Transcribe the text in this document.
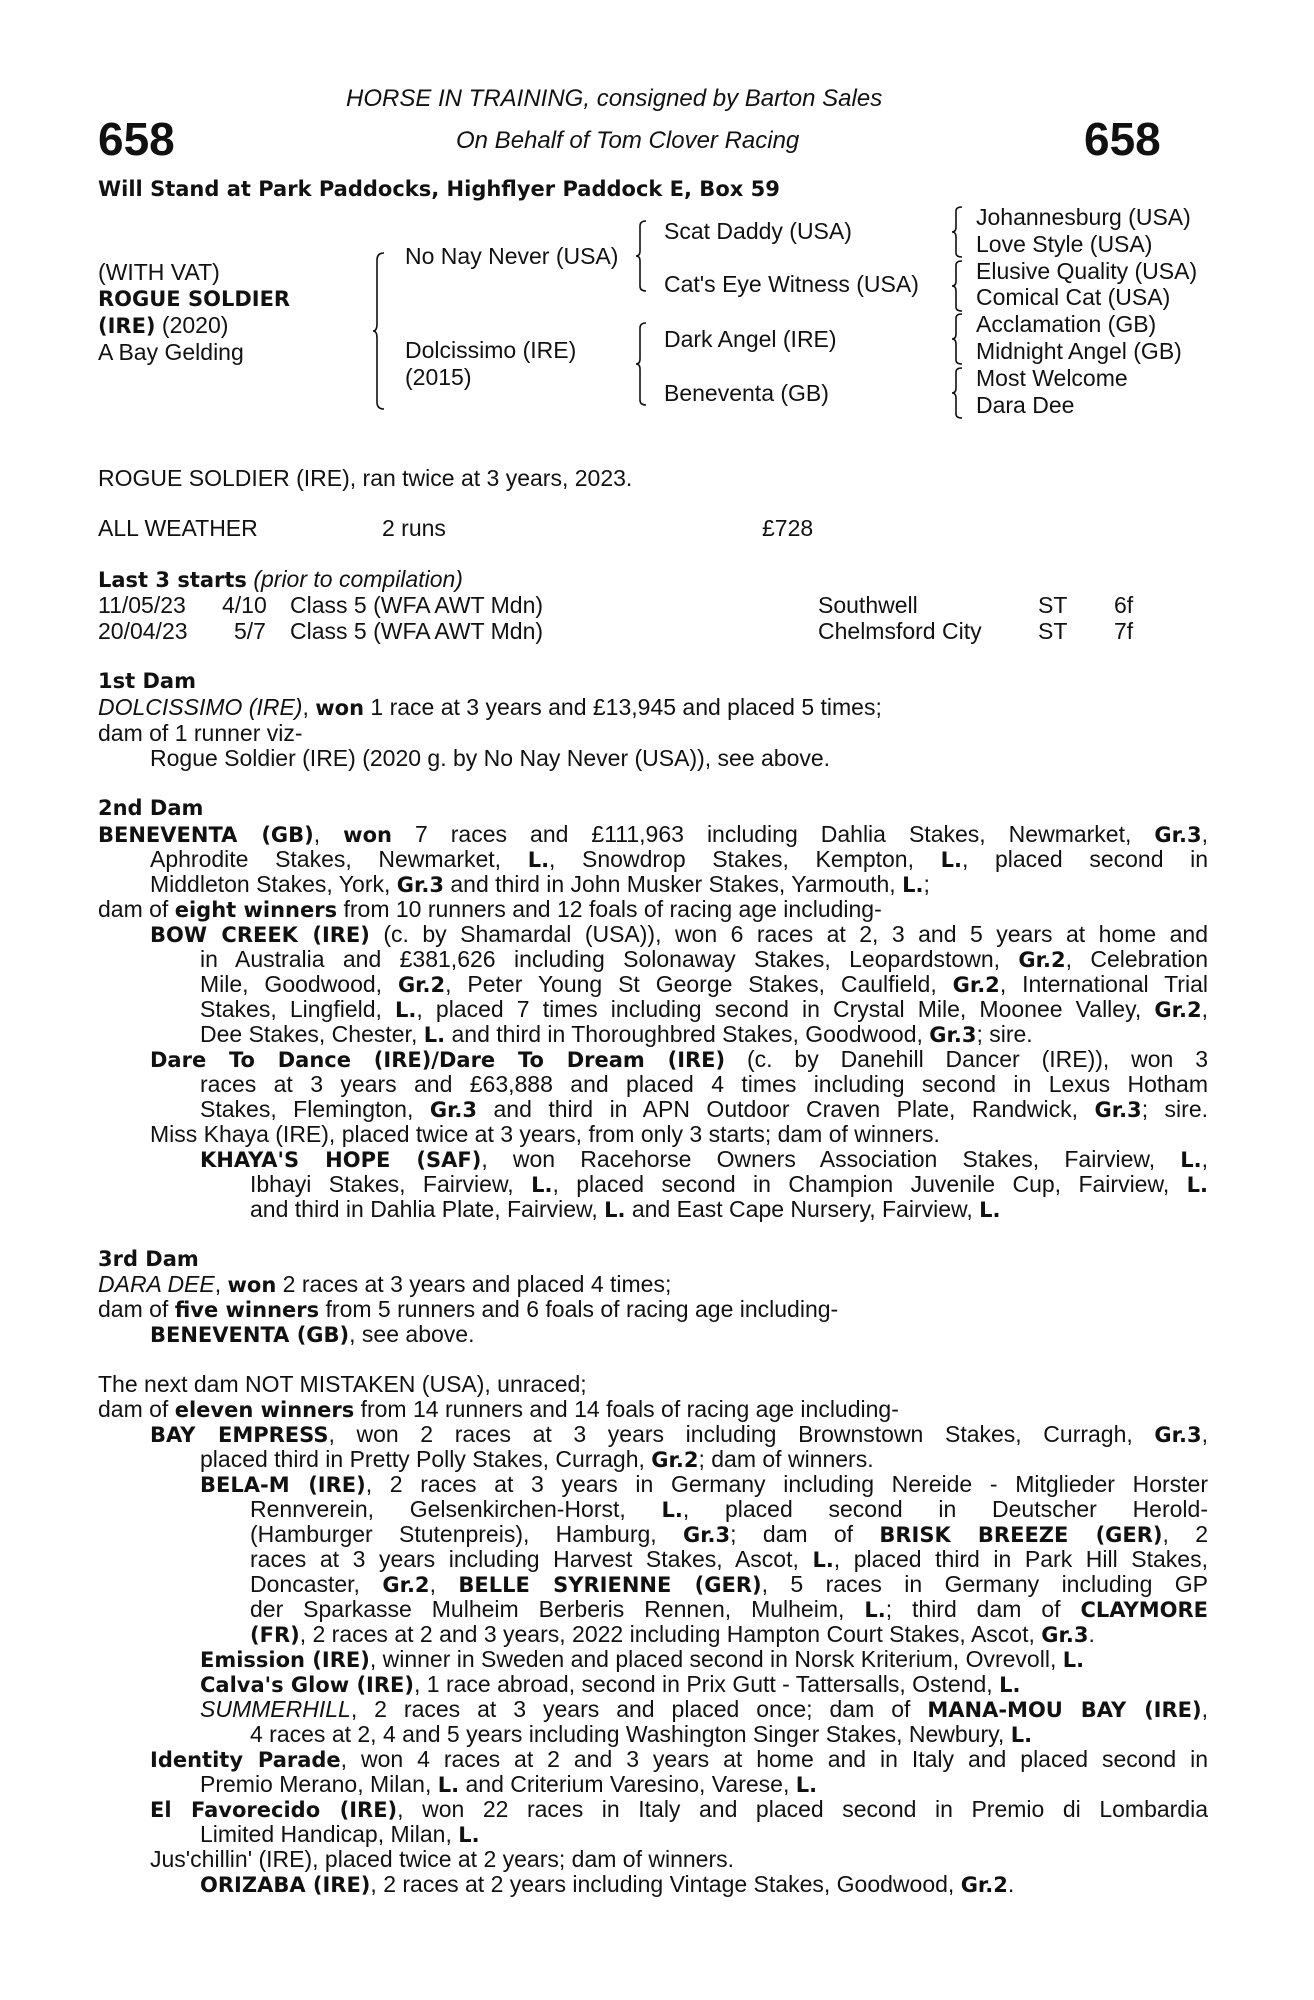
658	658
HORSE IN TRAINING, consigned by Barton Sales
On Behalf of Tom Clover Racing
Will Stand at Park Paddocks, Highflyer Paddock E, Box 59
(WITH VAT)
ROGUE SOLDIER
(IRE) (2020)
A Bay Gelding
No Nay Never (USA)
Dolcissimo (IRE)
(2015)
Scat Daddy (USA)
Cat's Eye Witness (USA)
Dark Angel (IRE)
Beneventa (GB)
Johannesburg (USA)
Love Style (USA)
Elusive Quality (USA)
Comical Cat (USA)
Acclamation (GB)
Midnight Angel (GB)
Most Welcome
Dara Dee
ROGUE SOLDIER (IRE), ran twice at 3 years, 2023.
ALL WEATHER	2 runs	£728
Last 3 starts (prior to compilation)
11/05/23 4/10 Class 5 (WFA AWT Mdn)	Southwell	ST 6f
20/04/23 5/7 Class 5 (WFA AWT Mdn)	Chelmsford City ST 7f
1st Dam
DOLCISSIMO (IRE), won 1 race at 3 years and £13,945 and placed 5 times;
dam of 1 runner viz-
Rogue Soldier (IRE) (2020 g. by No Nay Never (USA)), see above.
2nd Dam
BENEVENTA (GB), won 7 races and £111,963 including Dahlia Stakes, Newmarket, Gr.3,
Aphrodite Stakes, Newmarket, L., Snowdrop Stakes, Kempton, L., placed second in
Middleton Stakes, York, Gr.3 and third in John Musker Stakes, Yarmouth, L.;
dam of eight winners from 10 runners and 12 foals of racing age including-
BOW CREEK (IRE) (c. by Shamardal (USA)), won 6 races at 2, 3 and 5 years at home and
in Australia and £381,626 including Solonaway Stakes, Leopardstown, Gr.2, Celebration
Mile, Goodwood, Gr.2, Peter Young St George Stakes, Caulfield, Gr.2, International Trial
Stakes, Lingfield, L., placed 7 times including second in Crystal Mile, Moonee Valley, Gr.2,
Dee Stakes, Chester, L. and third in Thoroughbred Stakes, Goodwood, Gr.3; sire.
Dare To Dance (IRE)/Dare To Dream (IRE) (c. by Danehill Dancer (IRE)), won 3
races at 3 years and £63,888 and placed 4 times including second in Lexus Hotham
Stakes, Flemington, Gr.3 and third in APN Outdoor Craven Plate, Randwick, Gr.3; sire.
Miss Khaya (IRE), placed twice at 3 years, from only 3 starts; dam of winners.
KHAYA'S HOPE (SAF), won Racehorse Owners Association Stakes, Fairview, L.,
Ibhayi Stakes, Fairview, L., placed second in Champion Juvenile Cup, Fairview, L.
and third in Dahlia Plate, Fairview, L. and East Cape Nursery, Fairview, L.
3rd Dam
DARA DEE, won 2 races at 3 years and placed 4 times;
dam of five winners from 5 runners and 6 foals of racing age including-
BENEVENTA (GB), see above.
The next dam NOT MISTAKEN (USA), unraced;
dam of eleven winners from 14 runners and 14 foals of racing age including-
BAY EMPRESS, won 2 races at 3 years including Brownstown Stakes, Curragh, Gr.3,
placed third in Pretty Polly Stakes, Curragh, Gr.2; dam of winners.
BELA-M (IRE), 2 races at 3 years in Germany including Nereide - Mitglieder Horster
Rennverein, Gelsenkirchen-Horst, L., placed second in Deutscher Herold-
(Hamburger Stutenpreis), Hamburg, Gr.3; dam of BRISK BREEZE (GER), 2
races at 3 years including Harvest Stakes, Ascot, L., placed third in Park Hill Stakes,
Doncaster, Gr.2, BELLE SYRIENNE (GER), 5 races in Germany including GP
der Sparkasse Mulheim Berberis Rennen, Mulheim, L.; third dam of CLAYMORE
(FR), 2 races at 2 and 3 years, 2022 including Hampton Court Stakes, Ascot, Gr.3.
Emission (IRE), winner in Sweden and placed second in Norsk Kriterium, Ovrevoll, L.
Calva's Glow (IRE), 1 race abroad, second in Prix Gutt - Tattersalls, Ostend, L.
SUMMERHILL, 2 races at 3 years and placed once; dam of MANA-MOU BAY (IRE),
4 races at 2, 4 and 5 years including Washington Singer Stakes, Newbury, L.
Identity Parade, won 4 races at 2 and 3 years at home and in Italy and placed second in
Premio Merano, Milan, L. and Criterium Varesino, Varese, L.
El Favorecido (IRE), won 22 races in Italy and placed second in Premio di Lombardia
Limited Handicap, Milan, L.
Jus'chillin' (IRE), placed twice at 2 years; dam of winners.
ORIZABA (IRE), 2 races at 2 years including Vintage Stakes, Goodwood, Gr.2.
